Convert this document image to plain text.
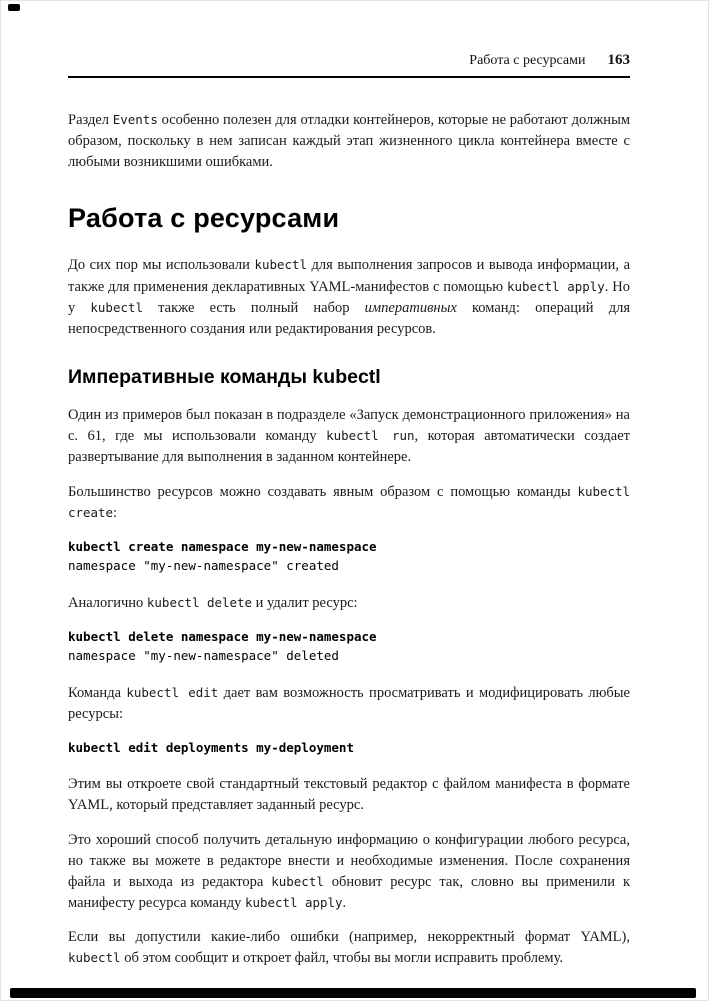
Работа с ресурсами 163

Раздел Events особенно полезен для отладки контейнеров, которые не работают должным образом, поскольку в нем записан каждый этап жизненного цикла контейнера вместе с любыми возникшими ошибками.

Работа с ресурсами

До сих пор мы использовали kubectl для выполнения запросов и вывода информации, а также для применения декларативных YAML-манифестов с помощью kubectl apply. Но у kubectl также есть полный набор императивных команд: операций для непосредственного создания или редактирования ресурсов.

Императивные команды kubectl

Один из примеров был показан в подразделе «Запуск демонстрационного приложения» на с. 61, где мы использовали команду kubectl run, которая автоматически создает развертывание для выполнения в заданном контейнере.

Большинство ресурсов можно создавать явным образом с помощью команды kubectl create:

kubectl create namespace my-new-namespace
namespace "my-new-namespace" created

Аналогично kubectl delete и удалит ресурс:

kubectl delete namespace my-new-namespace
namespace "my-new-namespace" deleted

Команда kubectl edit дает вам возможность просматривать и модифицировать любые ресурсы:

kubectl edit deployments my-deployment

Этим вы откроете свой стандартный текстовый редактор с файлом манифеста в формате YAML, который представляет заданный ресурс.

Это хороший способ получить детальную информацию о конфигурации любого ресурса, но также вы можете в редакторе внести и необходимые изменения. После сохранения файла и выхода из редактора kubectl обновит ресурс так, словно вы применили к манифесту ресурса команду kubectl apply.

Если вы допустили какие-либо ошибки (например, некорректный формат YAML), kubectl об этом сообщит и откроет файл, чтобы вы могли исправить проблему.
